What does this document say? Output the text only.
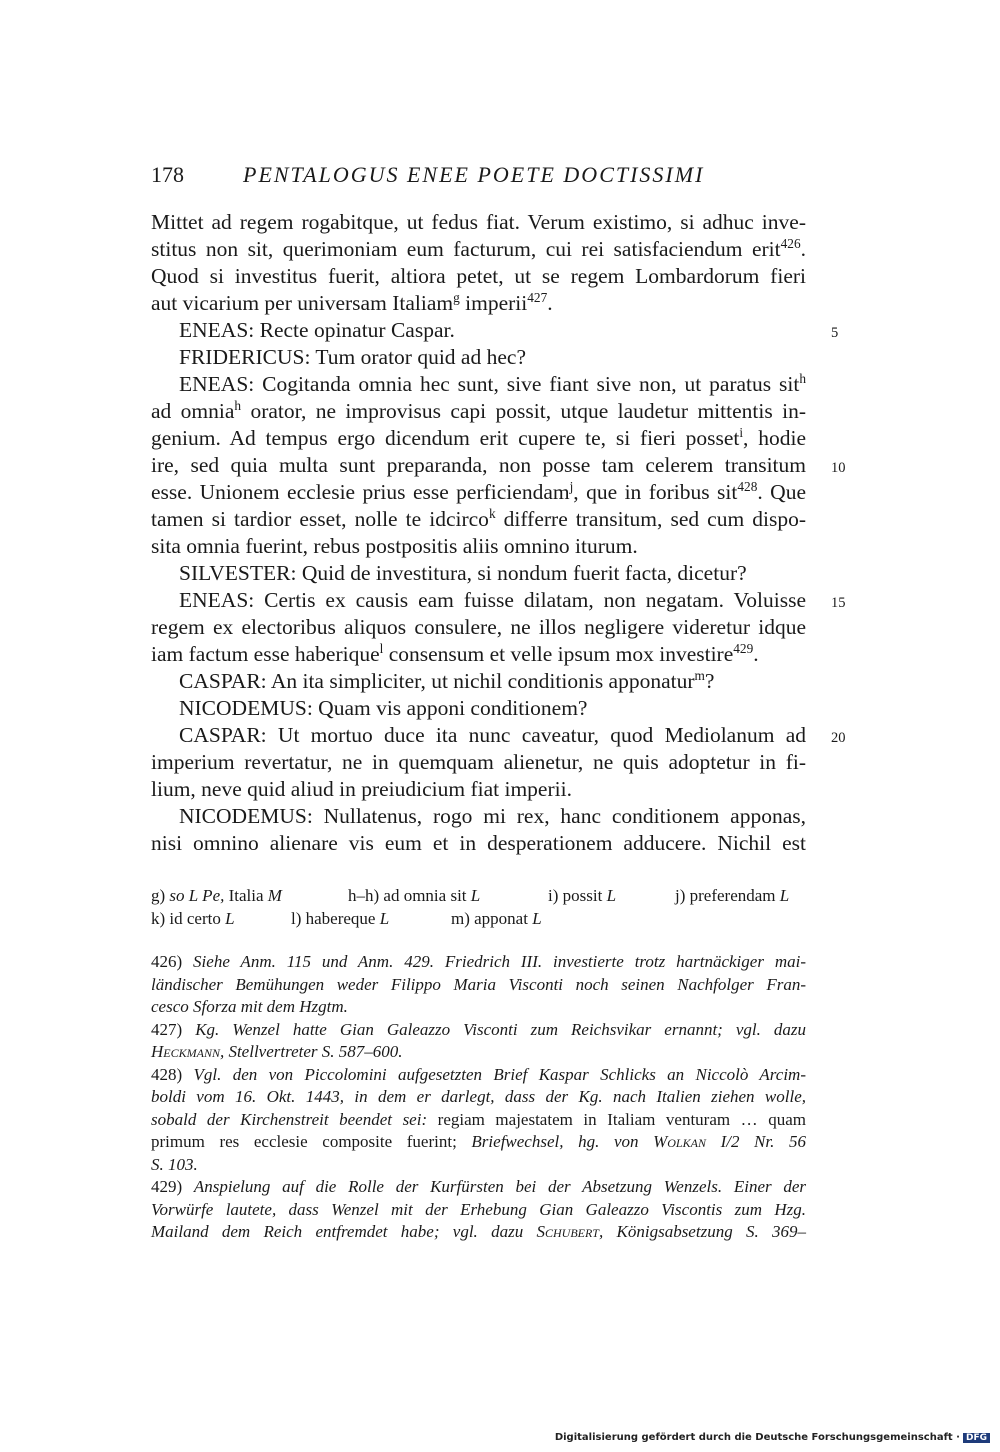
178	PENTALOGUS ENEE POETE DOCTISSIMI
Mittet ad regem rogabitque, ut fedus fiat. Verum existimo, si adhuc inve-
stitus non sit, querimoniam eum facturum, cui rei satisfaciendum erit$^{426}$.
Quod si investitus fuerit, altiora petet, ut se regem Lombardorum fieri
aut vicarium per universam Italiam$^g$ imperii$^{427}$.
ENEAS: Recte opinatur Caspar.
FRIDERICUS: Tum orator quid ad hec?
ENEAS: Cogitanda omnia hec sunt, sive fiant sive non, ut paratus sit$^h$
ad omnia$^h$ orator, ne improvisus capi possit, utque laudetur mittentis in-
genium. Ad tempus ergo dicendum erit cupere te, si fieri posset$^i$, hodie
ire, sed quia multa sunt preparanda, non posse tam celerem transitum
esse. Unionem ecclesie prius esse perficiendam$^j$, que in foribus sit$^{428}$. Que
tamen si tardior esset, nolle te idcirco$^k$ differre transitum, sed cum dispo-
sita omnia fuerint, rebus postpositis aliis omnino iturum.
SILVESTER: Quid de investitura, si nondum fuerit facta, dicetur?
ENEAS: Certis ex causis eam fuisse dilatam, non negatam. Voluisse
regem ex electoribus aliquos consulere, ne illos negligere videretur idque
iam factum esse haberique$^l$ consensum et velle ipsum mox investire$^{429}$.
CASPAR: An ita simpliciter, ut nichil conditionis apponatur$^m$?
NICODEMUS: Quam vis apponi conditionem?
CASPAR: Ut mortuo duce ita nunc caveatur, quod Mediolanum ad
imperium revertatur, ne in quemquam alienetur, ne quis adoptetur in fi-
lium, neve quid aliud in preiudicium fiat imperii.
NICODEMUS: Nullatenus, rogo mi rex, hanc conditionem apponas,
nisi omnino alienare vis eum et in desperationem adducere. Nichil est
5
10
15
20
g) so L Pe, Italia M	h–h) ad omnia sit L	i) possit L	j) preferendam L
k) id certo L	l) habereque L	m) apponat L
426) Siehe Anm. 115 und Anm. 429. Friedrich III. investierte trotz hartnäckiger mai-
ländischer Bemühungen weder Filippo Maria Visconti noch seinen Nachfolger Fran-
cesco Sforza mit dem Hzgtm.
427) Kg. Wenzel hatte Gian Galeazzo Visconti zum Reichsvikar ernannt; vgl. dazu
Heckmann, Stellvertreter S. 587–600.
428) Vgl. den von Piccolomini aufgesetzten Brief Kaspar Schlicks an Niccolò Arcim-
boldi vom 16. Okt. 1443, in dem er darlegt, dass der Kg. nach Italien ziehen wolle,
sobald der Kirchenstreit beendet sei: regiam majestatem in Italiam venturam … quam
primum res ecclesie composite fuerint; Briefwechsel, hg. von Wolkan I/2 Nr. 56
S. 103.
429) Anspielung auf die Rolle der Kurfürsten bei der Absetzung Wenzels. Einer der
Vorwürfe lautete, dass Wenzel mit der Erhebung Gian Galeazzo Viscontis zum Hzg.
Mailand dem Reich entfremdet habe; vgl. dazu Schubert, Königsabsetzung S. 369–
Digitalisierung gefördert durch die Deutsche Forschungsgemeinschaft · DFG
